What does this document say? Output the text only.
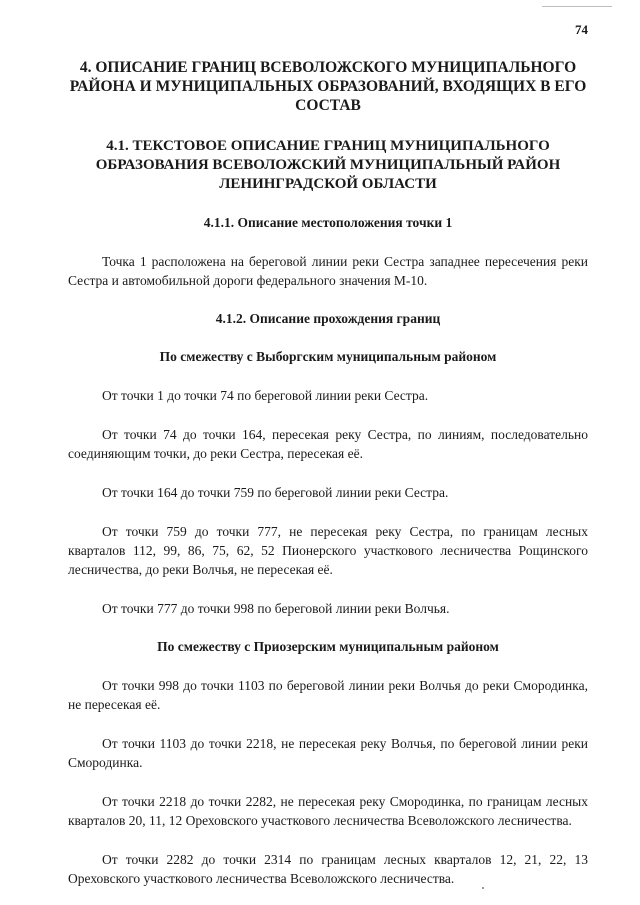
74
4. ОПИСАНИЕ ГРАНИЦ ВСЕВОЛОЖСКОГО МУНИЦИПАЛЬНОГО РАЙОНА И МУНИЦИПАЛЬНЫХ ОБРАЗОВАНИЙ, ВХОДЯЩИХ В ЕГО СОСТАВ
4.1. ТЕКСТОВОЕ ОПИСАНИЕ ГРАНИЦ МУНИЦИПАЛЬНОГО ОБРАЗОВАНИЯ ВСЕВОЛОЖСКИЙ МУНИЦИПАЛЬНЫЙ РАЙОН ЛЕНИНГРАДСКОЙ ОБЛАСТИ
4.1.1. Описание местоположения точки 1

Точка 1 расположена на береговой линии реки Сестра западнее пересечения реки Сестра и автомобильной дороги федерального значения М-10.

4.1.2. Описание прохождения границ
По смежеству с Выборгским муниципальным районом

От точки 1 до точки 74 по береговой линии реки Сестра.

От точки 74 до точки 164, пересекая реку Сестра, по линиям, последовательно соединяющим точки, до реки Сестра, пересекая её.

От точки 164 до точки 759 по береговой линии реки Сестра.

От точки 759 до точки 777, не пересекая реку Сестра, по границам лесных кварталов 112, 99, 86, 75, 62, 52 Пионерского участкового лесничества Рощинского лесничества, до реки Волчья, не пересекая её.

От точки 777 до точки 998 по береговой линии реки Волчья.

По смежеству с Приозерским муниципальным районом

От точки 998 до точки 1103 по береговой линии реки Волчья до реки Смородинка, не пересекая её.

От точки 1103 до точки 2218, не пересекая реку Волчья, по береговой линии реки Смородинка.

От точки 2218 до точки 2282, не пересекая реку Смородинка, по границам лесных кварталов 20, 11, 12 Ореховского участкового лесничества Всеволожского лесничества.

От точки 2282 до точки 2314 по границам лесных кварталов 12, 21, 22, 13 Ореховского участкового лесничества Всеволожского лесничества.
